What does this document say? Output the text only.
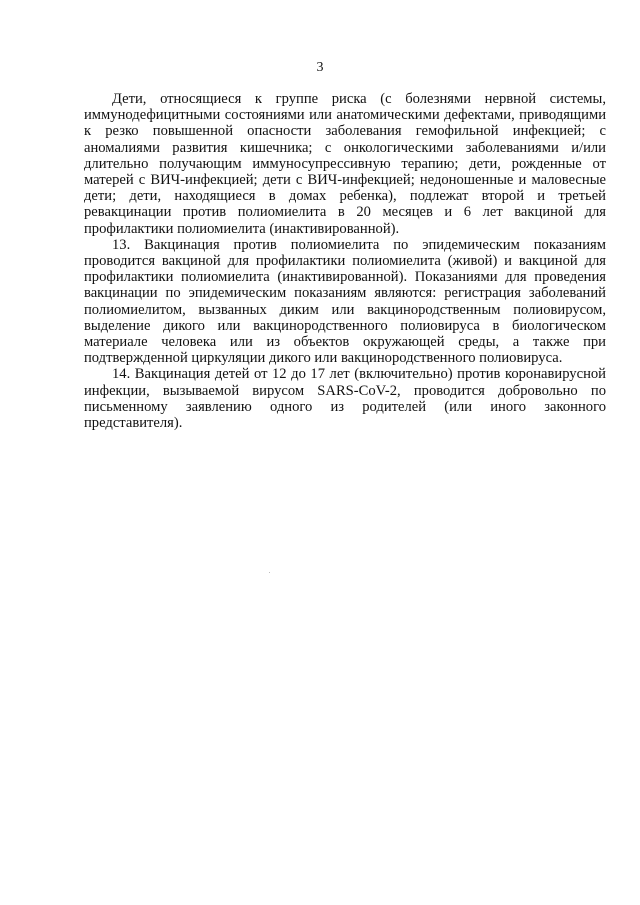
3

Дети, относящиеся к группе риска (с болезнями нервной системы, иммунодефицитными состояниями или анатомическими дефектами, приводящими к резко повышенной опасности заболевания гемофильной инфекцией; с аномалиями развития кишечника; с онкологическими заболеваниями и/или длительно получающим иммуносупрессивную терапию; дети, рожденные от матерей с ВИЧ-инфекцией; дети с ВИЧ-инфекцией; недоношенные и маловесные дети; дети, находящиеся в домах ребенка), подлежат второй и третьей ревакцинации против полиомиелита в 20 месяцев и 6 лет вакциной для профилактики полиомиелита (инактивированной).

13. Вакцинация против полиомиелита по эпидемическим показаниям проводится вакциной для профилактики полиомиелита (живой) и вакциной для профилактики полиомиелита (инактивированной). Показаниями для проведения вакцинации по эпидемическим показаниям являются: регистрация заболеваний полиомиелитом, вызванных диким или вакцинородственным полиовирусом, выделение дикого или вакцинородственного полиовируса в биологическом материале человека или из объектов окружающей среды, а также при подтвержденной циркуляции дикого или вакцинородственного полиовируса.

14. Вакцинация детей от 12 до 17 лет (включительно) против коронавирусной инфекции, вызываемой вирусом SARS-CoV-2, проводится добровольно по письменному заявлению одного из родителей (или иного законного представителя).
